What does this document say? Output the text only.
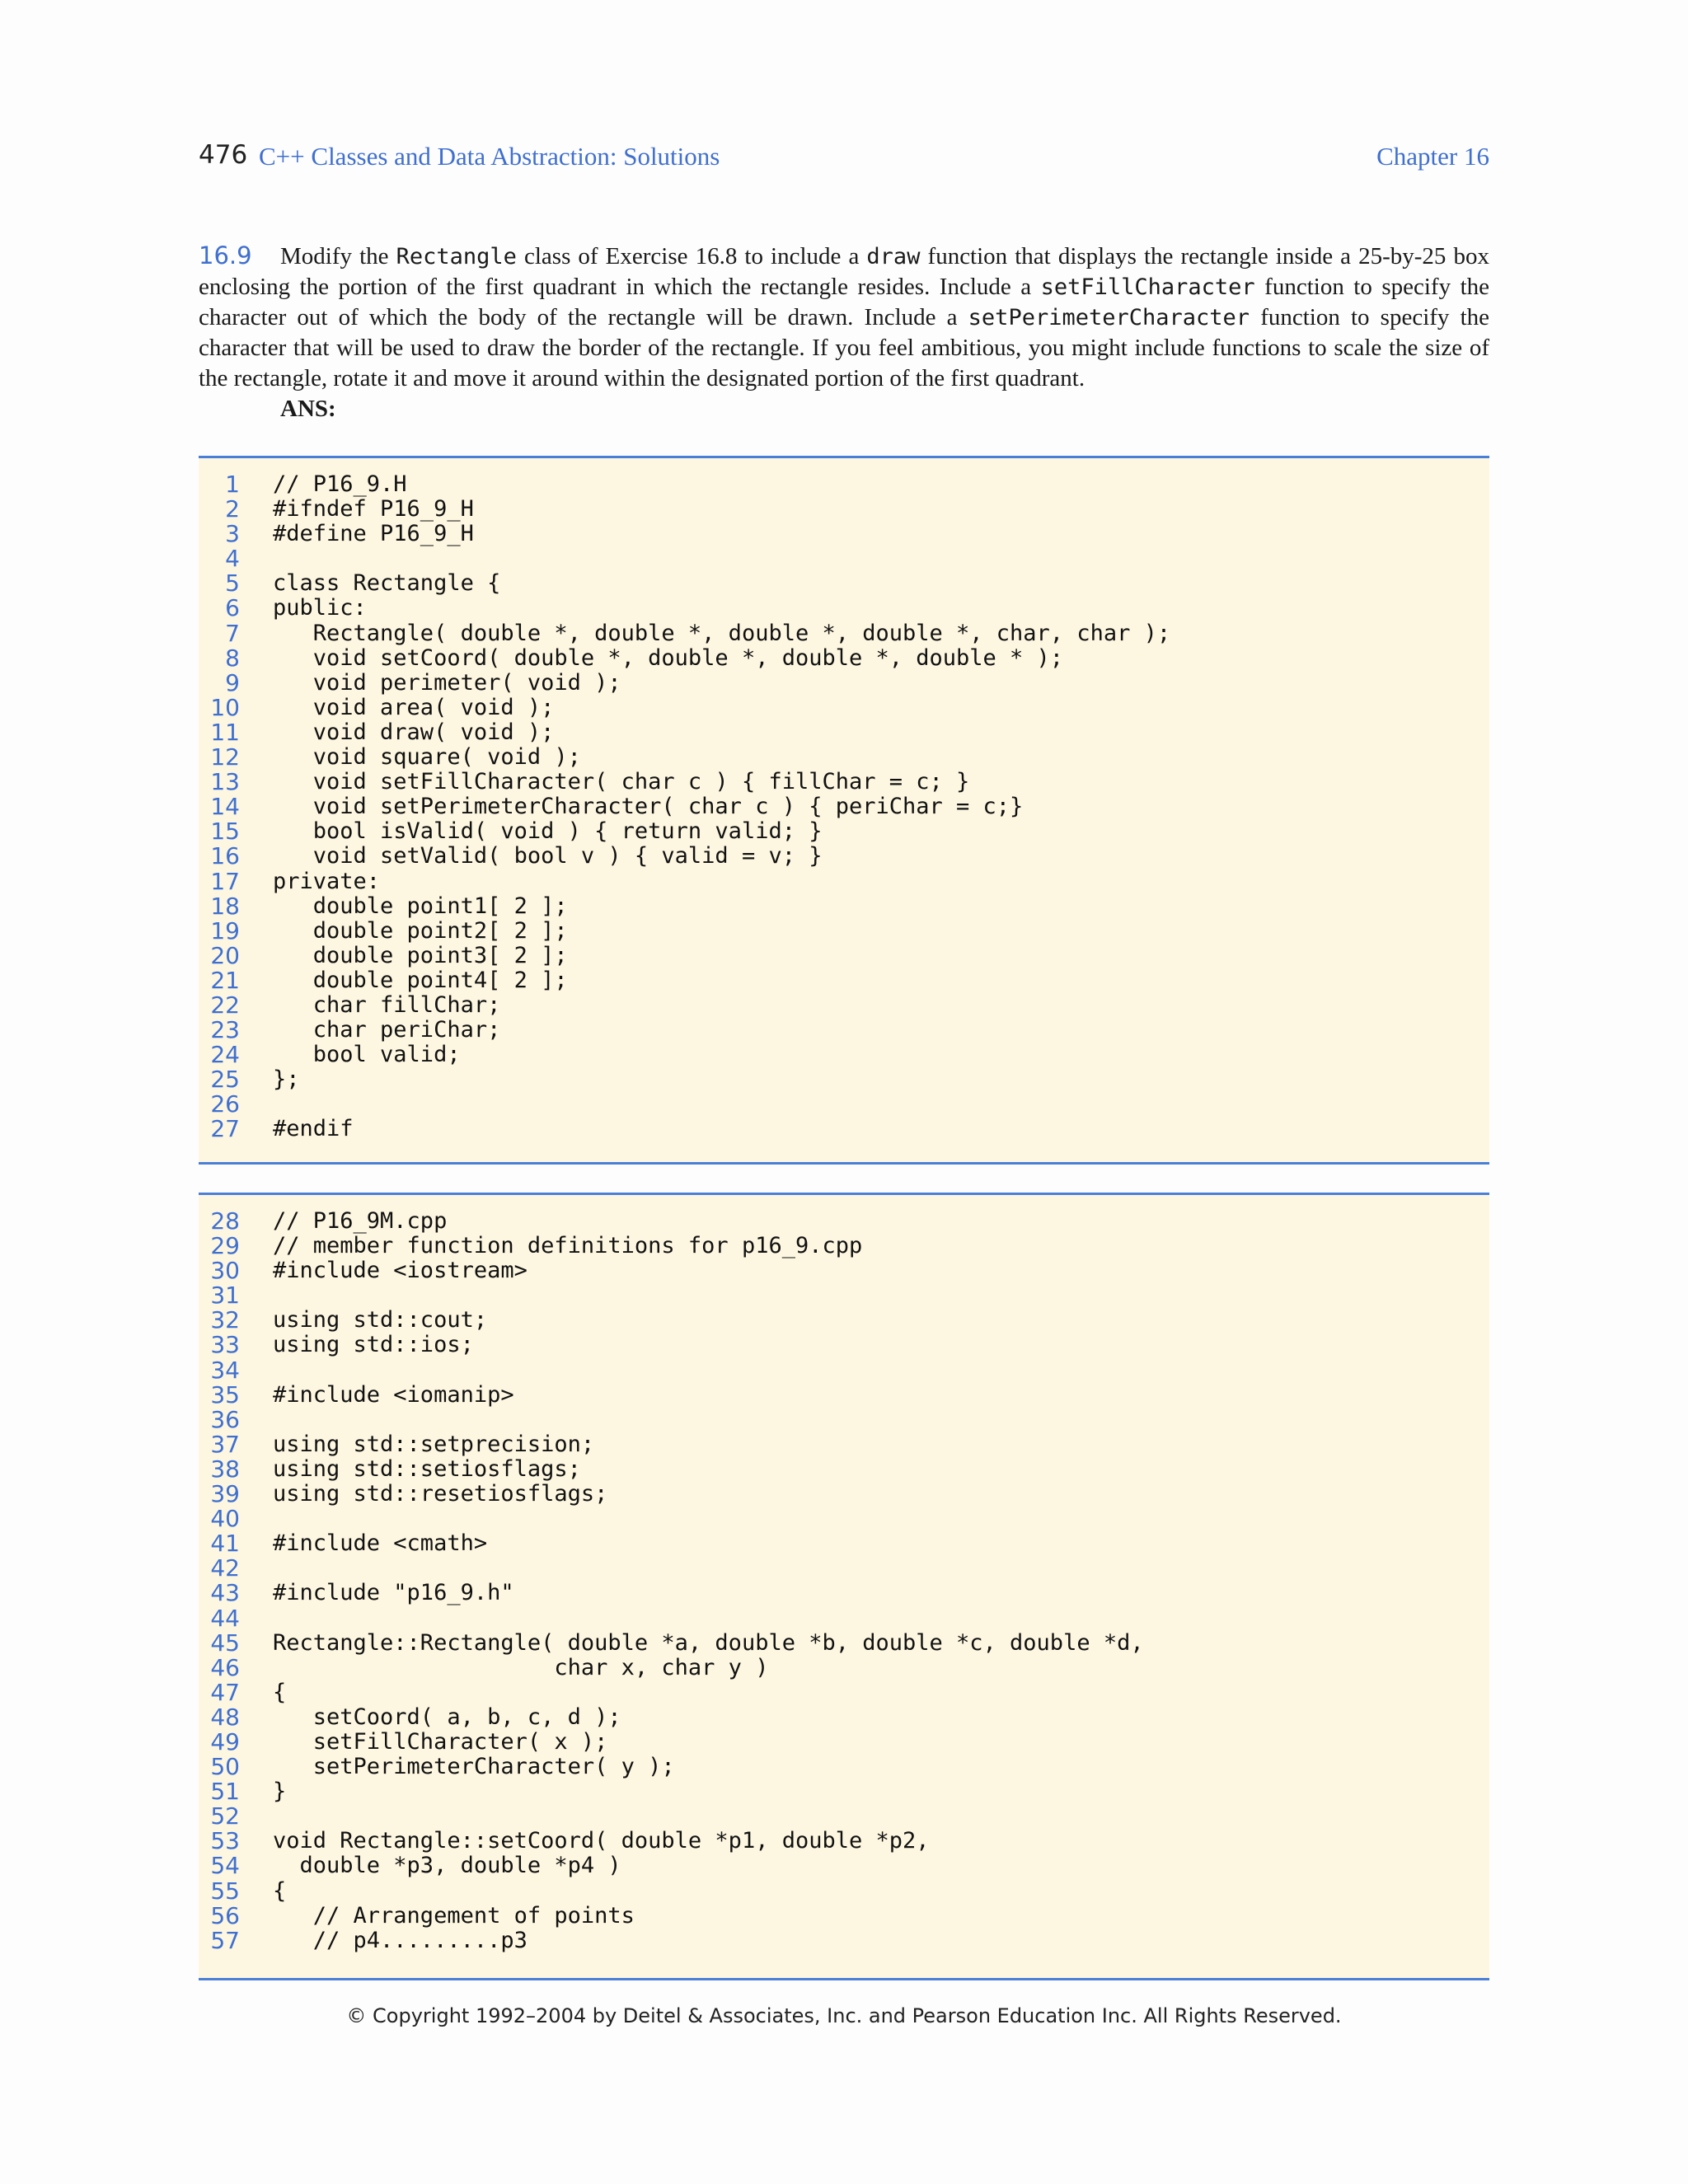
476 C++ Classes and Data Abstraction: Solutions	Chapter 16
16.9 Modify the Rectangle class of Exercise 16.8 to include a draw function that displays the rectangle inside a 25-by-25 box enclosing the portion of the first quadrant in which the rectangle resides. Include a setFillCharacter function to specify the character out of which the body of the rectangle will be drawn. Include a setPerimeterCharacter function to specify the character that will be used to draw the border of the rectangle. If you feel ambitious, you might include functions to scale the size of the rectangle, rotate it and move it around within the designated portion of the first quadrant.
ANS:
1 // P16_9.H
2 #ifndef P16_9_H
3 #define P16_9_H
4
5 class Rectangle {
6 public:
7 Rectangle( double *, double *, double *, double *, char, char );
8 void setCoord( double *, double *, double *, double * );
9 void perimeter( void );
10 void area( void );
11 void draw( void );
12 void square( void );
13 void setFillCharacter( char c ) { fillChar = c; }
14 void setPerimeterCharacter( char c ) { periChar = c;}
15 bool isValid( void ) { return valid; }
16 void setValid( bool v ) { valid = v; }
17 private:
18 double point1[ 2 ];
19 double point2[ 2 ];
20 double point3[ 2 ];
21 double point4[ 2 ];
22 char fillChar;
23 char periChar;
24 bool valid;
25 };
26
27 #endif
28 // P16_9M.cpp
29 // member function definitions for p16_9.cpp
30 #include <iostream>
31
32 using std::cout;
33 using std::ios;
34
35 #include <iomanip>
36
37 using std::setprecision;
38 using std::setiosflags;
39 using std::resetiosflags;
40
41 #include <cmath>
42
43 #include "p16_9.h"
44
45 Rectangle::Rectangle( double *a, double *b, double *c, double *d,
46 char x, char y )
47 {
48 setCoord( a, b, c, d );
49 setFillCharacter( x );
50 setPerimeterCharacter( y );
51 }
52
53 void Rectangle::setCoord( double *p1, double *p2,
54 double *p3, double *p4 )
55 {
56 // Arrangement of points
57 // p4.........p3
© Copyright 1992–2004 by Deitel & Associates, Inc. and Pearson Education Inc. All Rights Reserved.
